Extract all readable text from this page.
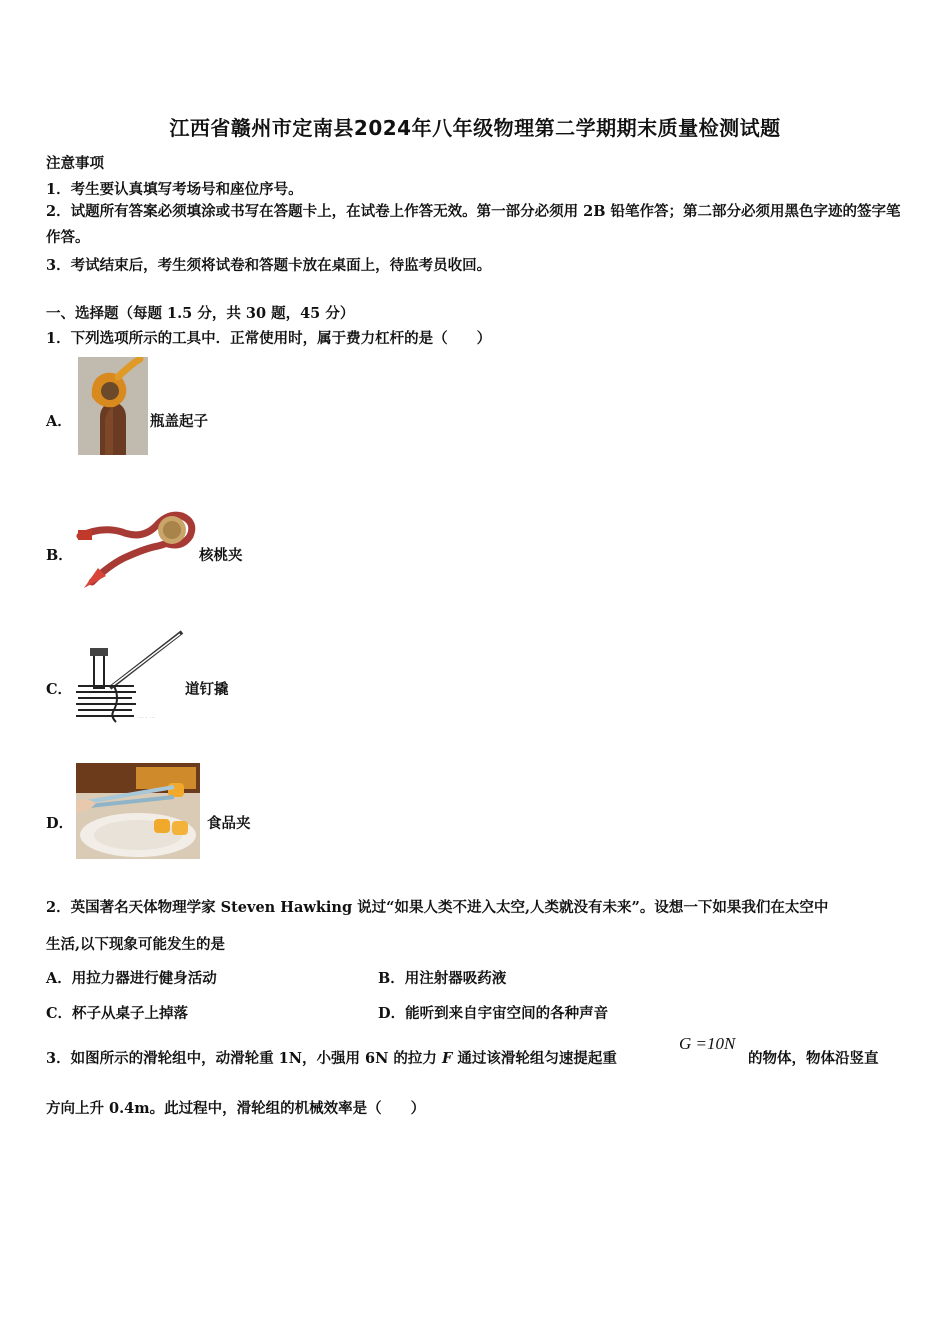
江西省赣州市定南县2024年八年级物理第二学期期末质量检测试题
注意事项
1．考生要认真填写考场号和座位序号。
2．试题所有答案必须填涂或书写在答题卡上，在试卷上作答无效。第一部分必须用 2B 铅笔作答；第二部分必须用黑色字迹的签字笔作答。
3．考试结束后，考生须将试卷和答题卡放在桌面上，待监考员收回。
一、选择题（每题 1.5 分，共 30 题，45 分）
1．下列选项所示的工具中．正常使用时，属于费力杠杆的是（　　）
A．	瓶盖起子
B．	核桃夹
C．
··· · ···
道钉撬
D．	食品夹
2．英国著名天体物理学家 Steven Hawking 说过“如果人类不进入太空,人类就没有未来”。设想一下如果我们在太空中
生活,以下现象可能发生的是
A．用拉力器进行健身活动	B．用注射器吸药液
C．杯子从桌子上掉落	D．能听到来自宇宙空间的各种声音
3．如图所示的滑轮组中，动滑轮重 1N，小强用 6N 的拉力 F 通过该滑轮组匀速提起重
G =10N
的物体，物体沿竖直
方向上升 0.4m。此过程中，滑轮组的机械效率是（　　）
